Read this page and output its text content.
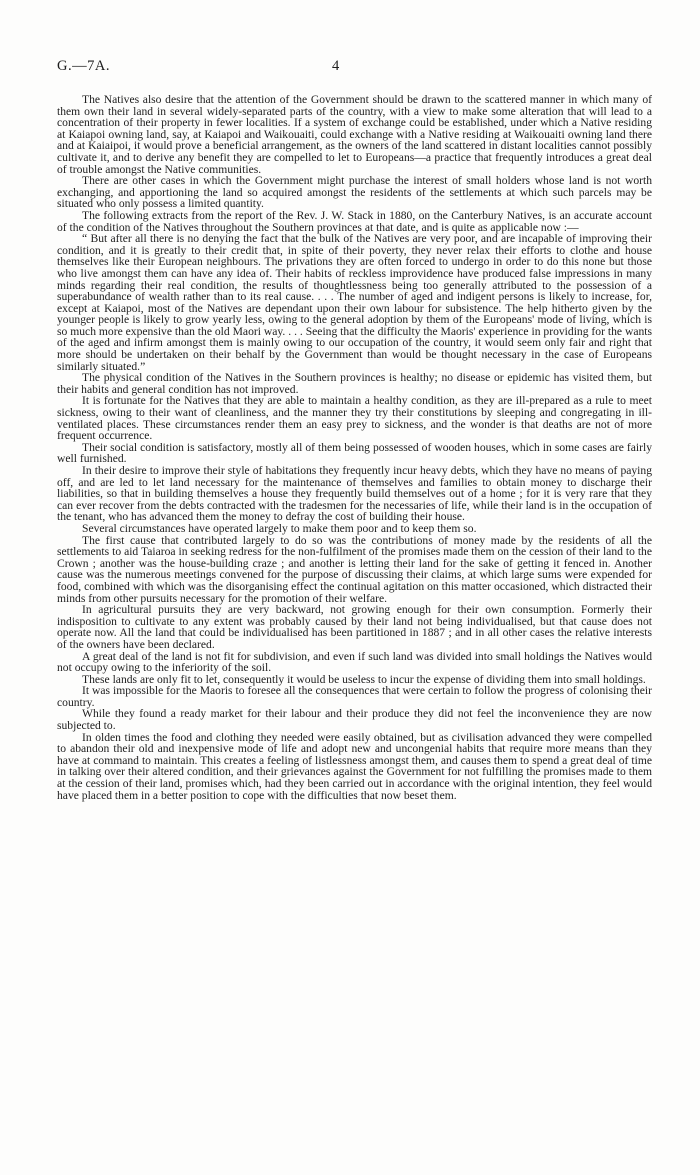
G.—7A.	4

The Natives also desire that the attention of the Government should be drawn to the scattered manner in which many of them own their land in several widely-separated parts of the country, with a view to make some alteration that will lead to a concentration of their property in fewer localities. If a system of exchange could be established, under which a Native residing at Kaiapoi owning land, say, at Kaiapoi and Waikouaiti, could exchange with a Native residing at Waikouaiti owning land there and at Kaiaipoi, it would prove a beneficial arrangement, as the owners of the land scattered in distant localities cannot possibly cultivate it, and to derive any benefit they are compelled to let to Europeans—a practice that frequently introduces a great deal of trouble amongst the Native communities.

There are other cases in which the Government might purchase the interest of small holders whose land is not worth exchanging, and apportioning the land so acquired amongst the residents of the settlements at which such parcels may be situated who only possess a limited quantity.

The following extracts from the report of the Rev. J. W. Stack in 1880, on the Canterbury Natives, is an accurate account of the condition of the Natives throughout the Southern provinces at that date, and is quite as applicable now :—

“ But after all there is no denying the fact that the bulk of the Natives are very poor, and are incapable of improving their condition, and it is greatly to their credit that, in spite of their poverty, they never relax their efforts to clothe and house themselves like their European neighbours. The privations they are often forced to undergo in order to do this none but those who live amongst them can have any idea of. Their habits of reckless improvidence have produced false impressions in many minds regarding their real condition, the results of thoughtlessness being too generally attributed to the possession of a superabundance of wealth rather than to its real cause. . . . The number of aged and indigent persons is likely to increase, for, except at Kaiapoi, most of the Natives are dependant upon their own labour for subsistence. The help hitherto given by the younger people is likely to grow yearly less, owing to the general adoption by them of the Europeans' mode of living, which is so much more expensive than the old Maori way. . . . Seeing that the difficulty the Maoris' experience in providing for the wants of the aged and infirm amongst them is mainly owing to our occupation of the country, it would seem only fair and right that more should be undertaken on their behalf by the Government than would be thought necessary in the case of Europeans similarly situated.”

The physical condition of the Natives in the Southern provinces is healthy; no disease or epidemic has visited them, but their habits and general condition has not improved.

It is fortunate for the Natives that they are able to maintain a healthy condition, as they are ill-prepared as a rule to meet sickness, owing to their want of cleanliness, and the manner they try their constitutions by sleeping and congregating in ill-ventilated places. These circumstances render them an easy prey to sickness, and the wonder is that deaths are not of more frequent occurrence.

Their social condition is satisfactory, mostly all of them being possessed of wooden houses, which in some cases are fairly well furnished.

In their desire to improve their style of habitations they frequently incur heavy debts, which they have no means of paying off, and are led to let land necessary for the maintenance of themselves and families to obtain money to discharge their liabilities, so that in building themselves a house they frequently build themselves out of a home ; for it is very rare that they can ever recover from the debts contracted with the tradesmen for the necessaries of life, while their land is in the occupation of the tenant, who has advanced them the money to defray the cost of building their house.

Several circumstances have operated largely to make them poor and to keep them so.

The first cause that contributed largely to do so was the contributions of money made by the residents of all the settlements to aid Taiaroa in seeking redress for the non-fulfilment of the promises made them on the cession of their land to the Crown ; another was the house-building craze ; and another is letting their land for the sake of getting it fenced in. Another cause was the numerous meetings convened for the purpose of discussing their claims, at which large sums were expended for food, combined with which was the disorganising effect the continual agitation on this matter occasioned, which distracted their minds from other pursuits necessary for the promotion of their welfare.

In agricultural pursuits they are very backward, not growing enough for their own consumption. Formerly their indisposition to cultivate to any extent was probably caused by their land not being individualised, but that cause does not operate now. All the land that could be individualised has been partitioned in 1887 ; and in all other cases the relative interests of the owners have been declared.

A great deal of the land is not fit for subdivision, and even if such land was divided into small holdings the Natives would not occupy owing to the inferiority of the soil.

These lands are only fit to let, consequently it would be useless to incur the expense of dividing them into small holdings.

It was impossible for the Maoris to foresee all the consequences that were certain to follow the progress of colonising their country.

While they found a ready market for their labour and their produce they did not feel the inconvenience they are now subjected to.

In olden times the food and clothing they needed were easily obtained, but as civilisation advanced they were compelled to abandon their old and inexpensive mode of life and adopt new and uncongenial habits that require more means than they have at command to maintain. This creates a feeling of listlessness amongst them, and causes them to spend a great deal of time in talking over their altered condition, and their grievances against the Government for not fulfilling the promises made to them at the cession of their land, promises which, had they been carried out in accordance with the original intention, they feel would have placed them in a better position to cope with the difficulties that now beset them.
